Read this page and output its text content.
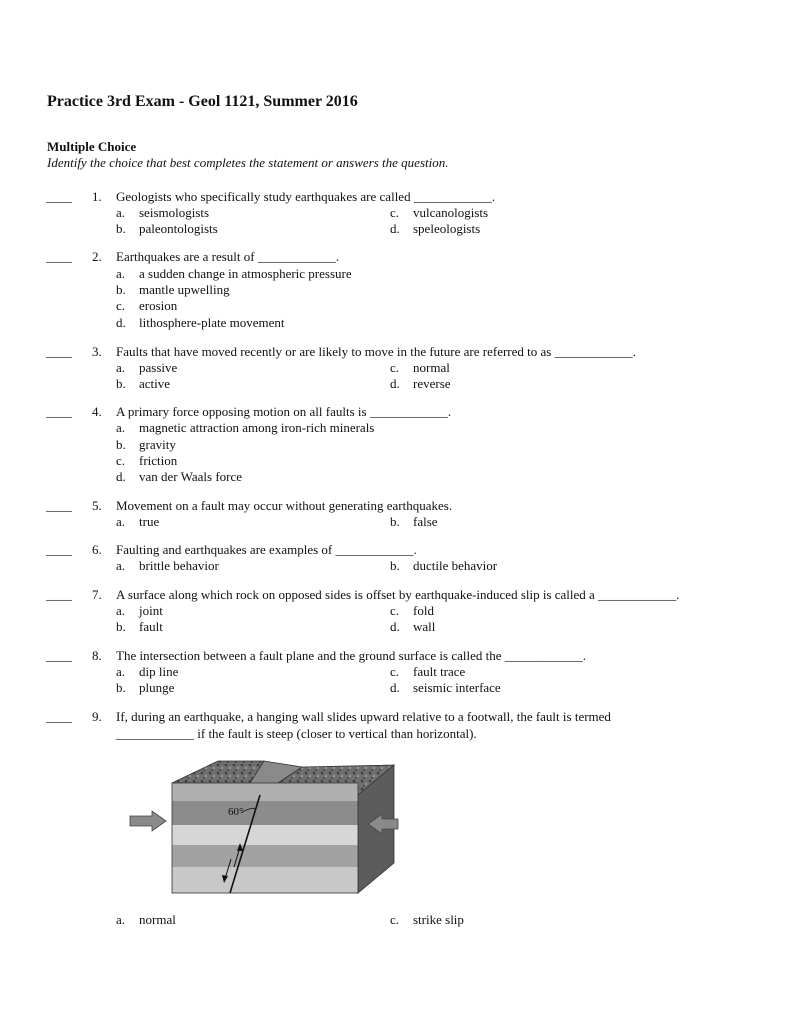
Practice 3rd Exam - Geol 1121, Summer 2016
Multiple Choice
Identify the choice that best completes the statement or answers the question.
____ 1. Geologists who specifically study earthquakes are called ____________.
a. seismologists
b. paleontologists
c. vulcanologists
d. speleologists
____ 2. Earthquakes are a result of ____________.
a. a sudden change in atmospheric pressure
b. mantle upwelling
c. erosion
d. lithosphere-plate movement
____ 3. Faults that have moved recently or are likely to move in the future are referred to as ____________.
a. passive
b. active
c. normal
d. reverse
____ 4. A primary force opposing motion on all faults is ____________.
a. magnetic attraction among iron-rich minerals
b. gravity
c. friction
d. van der Waals force
____ 5. Movement on a fault may occur without generating earthquakes.
a. true	b. false
____ 6. Faulting and earthquakes are examples of ____________.
a. brittle behavior	b. ductile behavior
____ 7. A surface along which rock on opposed sides is offset by earthquake-induced slip is called a ____________.
a. joint
b. fault
c. fold
d. wall
____ 8. The intersection between a fault plane and the ground surface is called the ____________.
a. dip line
b. plunge
c. fault trace
d. seismic interface
____ 9. If, during an earthquake, a hanging wall slides upward relative to a footwall, the fault is termed
____________ if the fault is steep (closer to vertical than horizontal).
60°
a. normal	c. strike slip
